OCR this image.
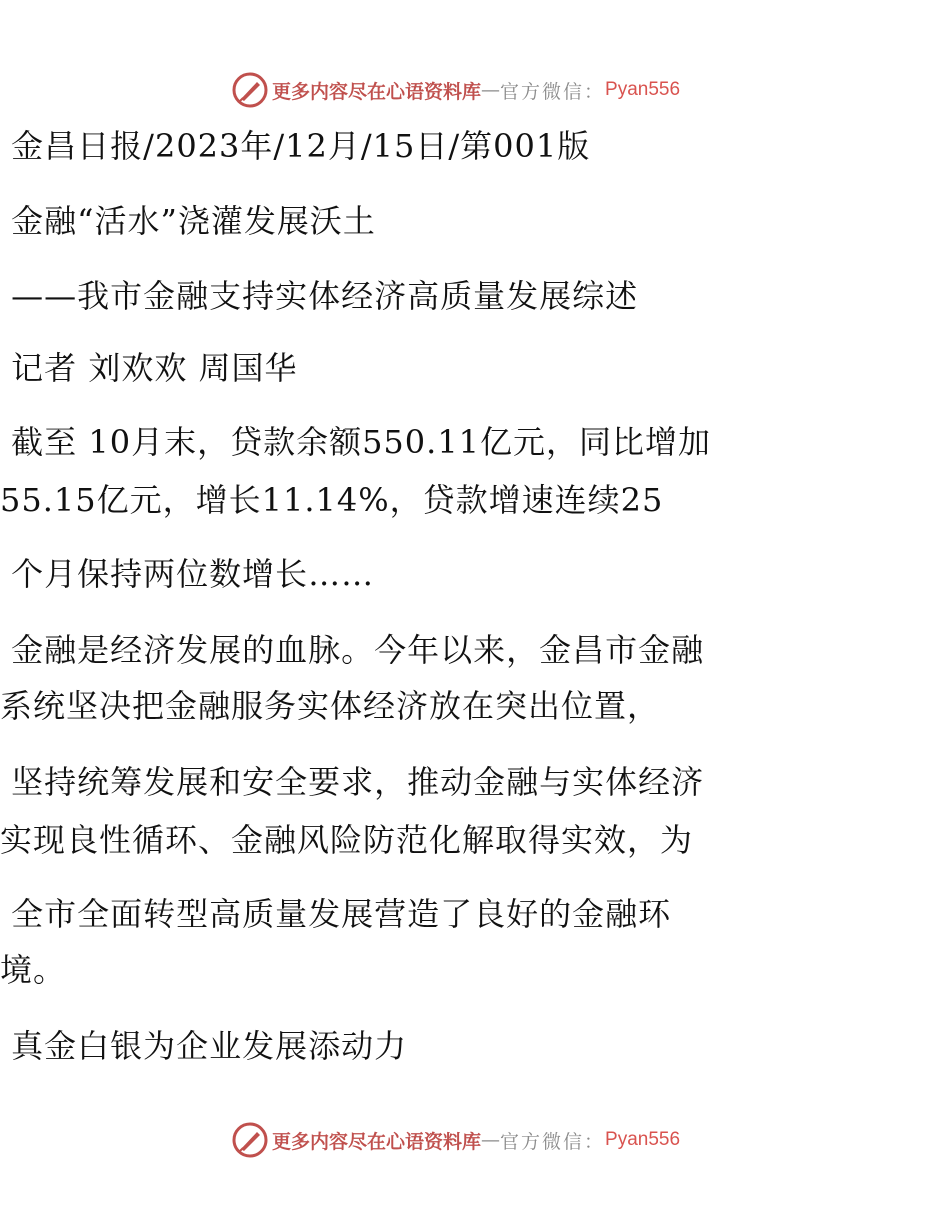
更多内容尽在心语资料库 — 官方微信： Pyan556
金昌日报/2023年/12月/15日/第001版
金融“活水”浇灌发展沃土
——我市金融支持实体经济高质量发展综述
记者 刘欢欢 周国华
截至 10月末，贷款余额550.11亿元，同比增加
55.15亿元，增长11.14%，贷款增速连续25
个月保持两位数增长……
金融是经济发展的血脉。今年以来，金昌市金融
系统坚决把金融服务实体经济放在突出位置，
坚持统筹发展和安全要求，推动金融与实体经济
实现良性循环、金融风险防范化解取得实效，为
全市全面转型高质量发展营造了良好的金融环
境。
真金白银为企业发展添动力
更多内容尽在心语资料库 — 官方微信： Pyan556
